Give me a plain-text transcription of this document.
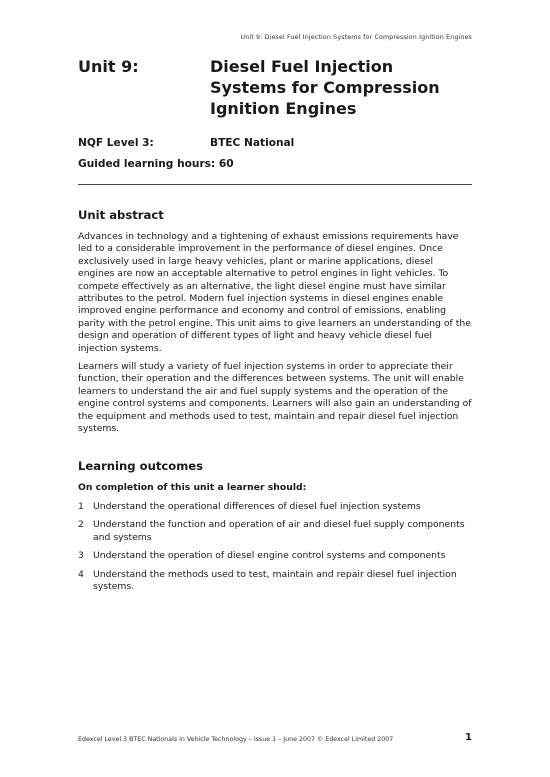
Unit 9: Diesel Fuel Injection Systems for Compression Ignition Engines
Unit 9:	Diesel Fuel Injection Systems for Compression Ignition Engines
NQF Level 3:	BTEC National
Guided learning hours: 60
Unit abstract

Advances in technology and a tightening of exhaust emissions requirements have led to a considerable improvement in the performance of diesel engines. Once exclusively used in large heavy vehicles, plant or marine applications, diesel engines are now an acceptable alternative to petrol engines in light vehicles. To compete effectively as an alternative, the light diesel engine must have similar attributes to the petrol. Modern fuel injection systems in diesel engines enable improved engine performance and economy and control of emissions, enabling parity with the petrol engine. This unit aims to give learners an understanding of the design and operation of different types of light and heavy vehicle diesel fuel injection systems.

Learners will study a variety of fuel injection systems in order to appreciate their function, their operation and the differences between systems. The unit will enable learners to understand the air and fuel supply systems and the operation of the engine control systems and components. Learners will also gain an understanding of the equipment and methods used to test, maintain and repair diesel fuel injection systems.

Learning outcomes
On completion of this unit a learner should:
1 Understand the operational differences of diesel fuel injection systems
2 Understand the function and operation of air and diesel fuel supply components and systems
3 Understand the operation of diesel engine control systems and components
4 Understand the methods used to test, maintain and repair diesel fuel injection systems.
Edexcel Level 3 BTEC Nationals in Vehicle Technology – Issue 1 – June 2007 © Edexcel Limited 2007	1
